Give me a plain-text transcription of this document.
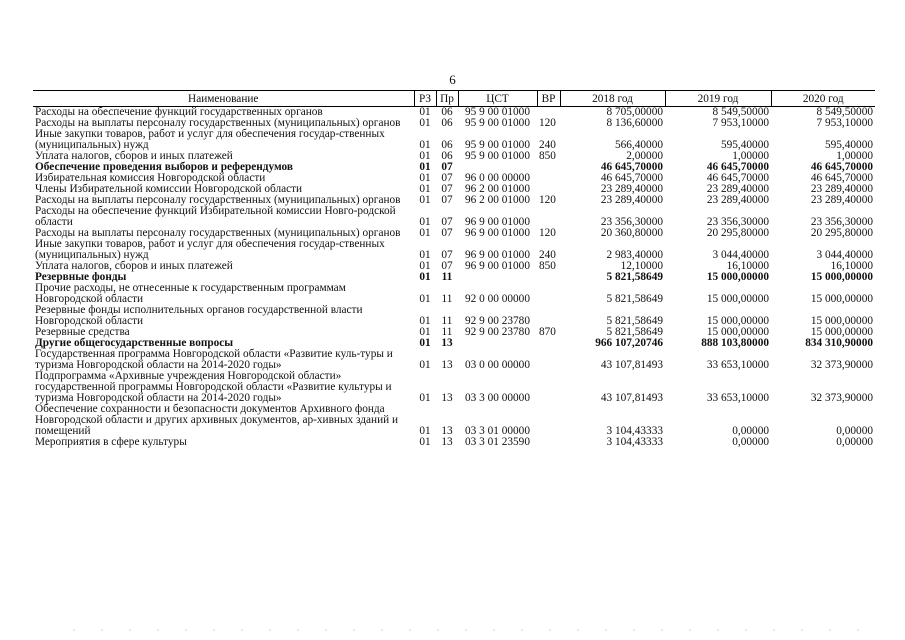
6
Наименование	РЗ	Пр	ЦСТ	ВР	2018 год	2019 год	2020 год
Расходы на обеспечение функций государственных органов	01	06	95 9 00 01000		8 705,00000	8 549,50000	8 549,50000
Расходы на выплаты персоналу государственных (муниципальных) органов	01	06	95 9 00 01000	120	8 136,60000	7 953,10000	7 953,10000
Иные закупки товаров, работ и услуг для обеспечения государ-ственных (муниципальных) нужд	01	06	95 9 00 01000	240	566,40000	595,40000	595,40000
Уплата налогов, сборов и иных платежей	01	06	95 9 00 01000	850	2,00000	1,00000	1,00000
Обеспечение проведения выборов и референдумов	01	07			46 645,70000	46 645,70000	46 645,70000
Избирательная комиссия Новгородской области	01	07	96 0 00 00000		46 645,70000	46 645,70000	46 645,70000
Члены Избирательной комиссии Новгородской области	01	07	96 2 00 01000		23 289,40000	23 289,40000	23 289,40000
Расходы на выплаты персоналу государственных (муниципальных) органов	01	07	96 2 00 01000	120	23 289,40000	23 289,40000	23 289,40000
Расходы на обеспечение функций Избирательной комиссии Новго-родской области	01	07	96 9 00 01000		23 356,30000	23 356,30000	23 356,30000
Расходы на выплаты персоналу государственных (муниципальных) органов	01	07	96 9 00 01000	120	20 360,80000	20 295,80000	20 295,80000
Иные закупки товаров, работ и услуг для обеспечения государ-ственных (муниципальных) нужд	01	07	96 9 00 01000	240	2 983,40000	3 044,40000	3 044,40000
Уплата налогов, сборов и иных платежей	01	07	96 9 00 01000	850	12,10000	16,10000	16,10000
Резервные фонды	01	11			5 821,58649	15 000,00000	15 000,00000
Прочие расходы, не отнесенные к государственным программам Новгородской области	01	11	92 0 00 00000		5 821,58649	15 000,00000	15 000,00000
Резервные фонды исполнительных органов государственной власти Новгородской области	01	11	92 9 00 23780		5 821,58649	15 000,00000	15 000,00000
Резервные средства	01	11	92 9 00 23780	870	5 821,58649	15 000,00000	15 000,00000
Другие общегосударственные вопросы	01	13			966 107,20746	888 103,80000	834 310,90000
Государственная программа Новгородской области «Развитие куль-туры и туризма Новгородской области на 2014-2020 годы»	01	13	03 0 00 00000		43 107,81493	33 653,10000	32 373,90000
Подпрограмма «Архивные учреждения Новгородской области» государственной программы Новгородской области «Развитие культуры и туризма Новгородской области на 2014-2020 годы»	01	13	03 3 00 00000		43 107,81493	33 653,10000	32 373,90000
Обеспечение сохранности и безопасности документов Архивного фонда Новгородской области и других архивных документов, ар-хивных зданий и помещений	01	13	03 3 01 00000		3 104,43333	0,00000	0,00000
Мероприятия в сфере культуры	01	13	03 3 01 23590		3 104,43333	0,00000	0,00000
